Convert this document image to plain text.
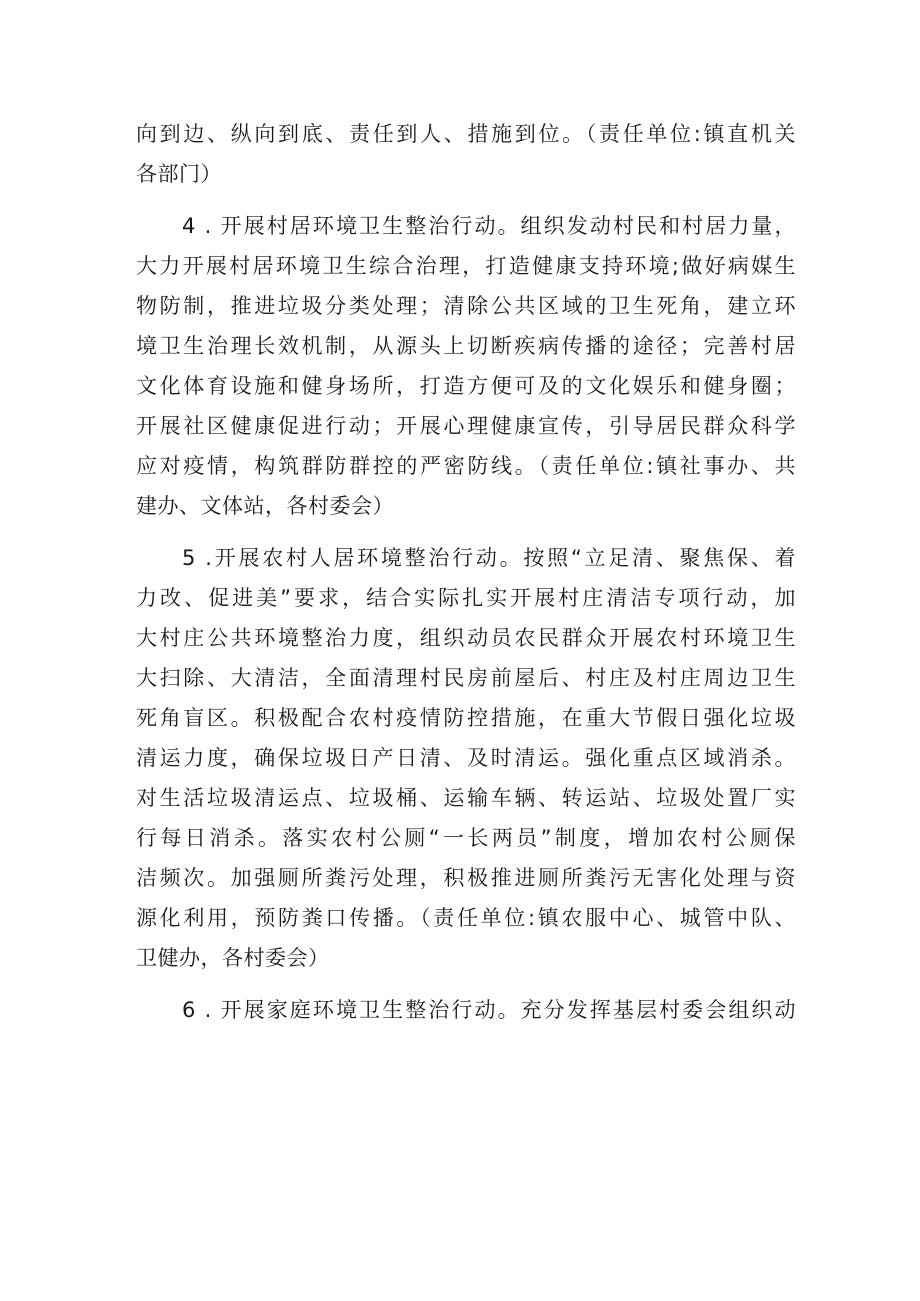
向到边、纵向到底、责任到人、措施到位。（责任单位:镇直机关
各部门）
4 . 开展村居环境卫生整治行动。组织发动村民和村居力量，
大力开展村居环境卫生综合治理，打造健康支持环境;做好病媒生
物防制，推进垃圾分类处理；清除公共区域的卫生死角，建立环
境卫生治理长效机制，从源头上切断疾病传播的途径；完善村居
文化体育设施和健身场所，打造方便可及的文化娱乐和健身圈；
开展社区健康促进行动；开展心理健康宣传，引导居民群众科学
应对疫情，构筑群防群控的严密防线。（责任单位:镇社事办、共
建办、文体站，各村委会）
5 .开展农村人居环境整治行动。按照“立足清、聚焦保、着
力改、促进美”要求，结合实际扎实开展村庄清洁专项行动，加
大村庄公共环境整治力度，组织动员农民群众开展农村环境卫生
大扫除、大清洁，全面清理村民房前屋后、村庄及村庄周边卫生
死角盲区。积极配合农村疫情防控措施，在重大节假日强化垃圾
清运力度，确保垃圾日产日清、及时清运。强化重点区域消杀。
对生活垃圾清运点、垃圾桶、运输车辆、转运站、垃圾处置厂实
行每日消杀。落实农村公厕“一长两员”制度，增加农村公厕保
洁频次。加强厕所粪污处理，积极推进厕所粪污无害化处理与资
源化利用，预防粪口传播。（责任单位:镇农服中心、城管中队、
卫健办，各村委会）
6 . 开展家庭环境卫生整治行动。充分发挥基层村委会组织动
